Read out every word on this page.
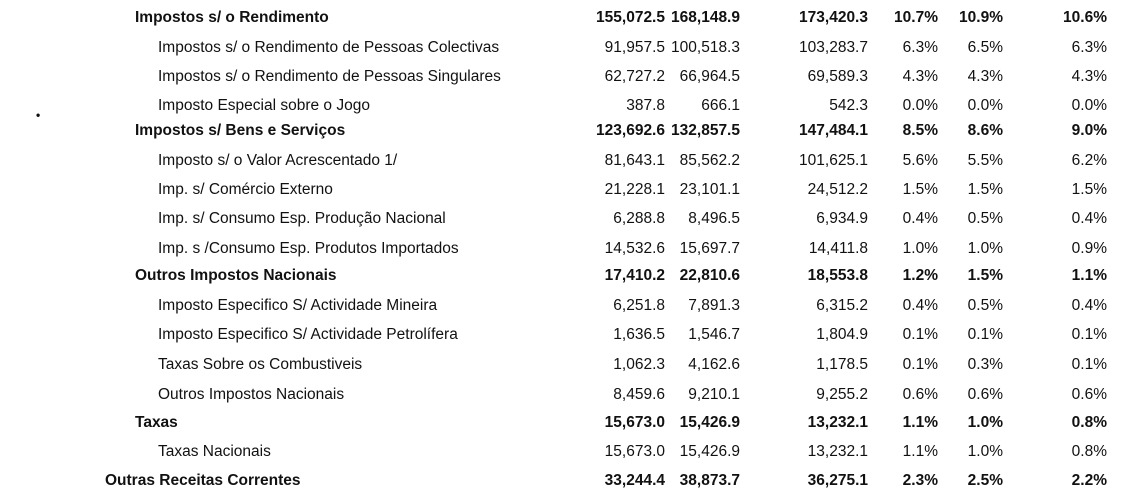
•
Impostos s/ o Rendimento	155,072.5 168,148.9	173,420.3 10.7% 10.9%	10.6%
Impostos s/ o Rendimento de Pessoas Colectivas	91,957.5 100,518.3	103,283.7 6.3% 6.5%	6.3%
Impostos s/ o Rendimento de Pessoas Singulares	62,727.2 66,964.5	69,589.3 4.3% 4.3%	4.3%
Imposto Especial sobre o Jogo	387.8 666.1	542.3 0.0% 0.0%	0.0%
Impostos s/ Bens e Serviços	123,692.6 132,857.5	147,484.1 8.5% 8.6%	9.0%
Imposto s/ o Valor Acrescentado 1/	81,643.1 85,562.2	101,625.1 5.6% 5.5%	6.2%
Imp. s/ Comércio Externo	21,228.1 23,101.1	24,512.2 1.5% 1.5%	1.5%
Imp. s/ Consumo Esp. Produção Nacional	6,288.8 8,496.5	6,934.9 0.4% 0.5%	0.4%
Imp. s /Consumo Esp. Produtos Importados	14,532.6 15,697.7	14,411.8 1.0% 1.0%	0.9%
Outros Impostos Nacionais	17,410.2 22,810.6	18,553.8 1.2% 1.5%	1.1%
Imposto Especifico S/ Actividade Mineira	6,251.8 7,891.3	6,315.2 0.4% 0.5%	0.4%
Imposto Especifico S/ Actividade Petrolífera	1,636.5 1,546.7	1,804.9 0.1% 0.1%	0.1%
Taxas Sobre os Combustiveis	1,062.3 4,162.6	1,178.5 0.1% 0.3%	0.1%
Outros Impostos Nacionais	8,459.6 9,210.1	9,255.2 0.6% 0.6%	0.6%
Taxas	15,673.0 15,426.9	13,232.1 1.1% 1.0%	0.8%
Taxas Nacionais	15,673.0 15,426.9	13,232.1 1.1% 1.0%	0.8%
Outras Receitas Correntes	33,244.4 38,873.7	36,275.1 2.3% 2.5%	2.2%
